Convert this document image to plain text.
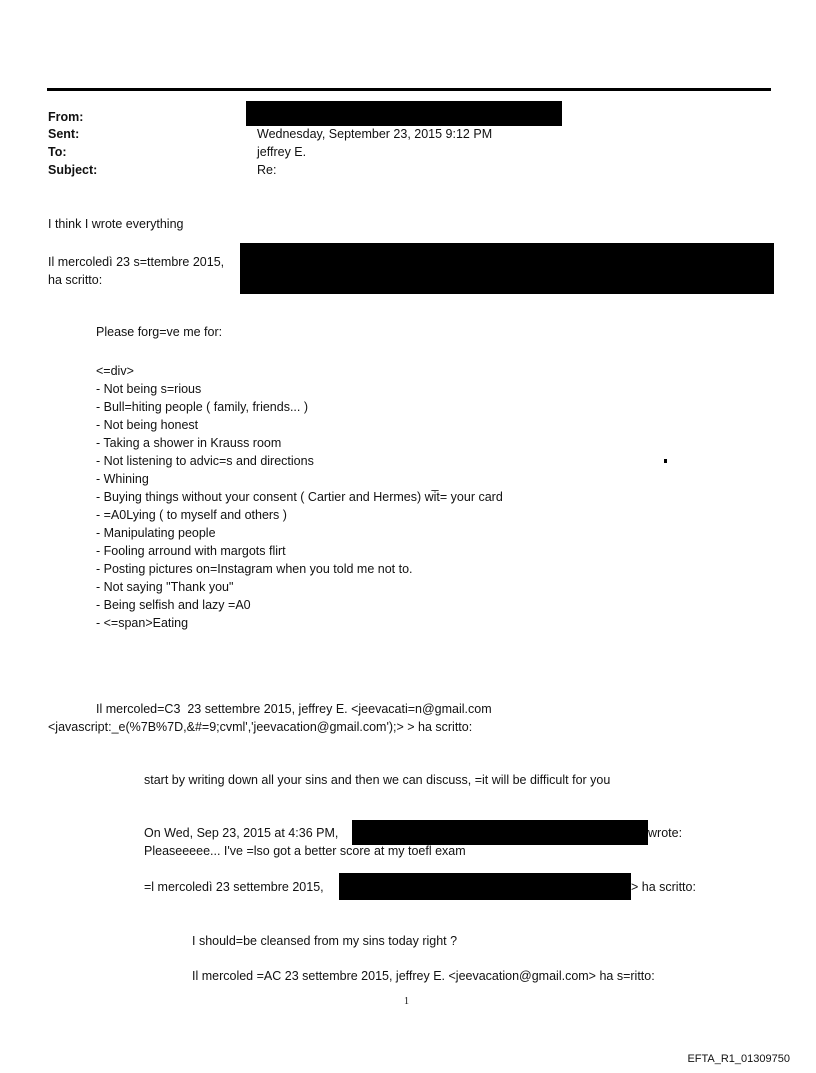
From:
Sent:	Wednesday, September 23, 2015 9:12 PM
To:	jeffrey E.
Subject:	Re:
I think I wrote everything
Il mercoledì 23 s=ttembre 2015,
ha scritto:
Please forg=ve me for:
<=div>
- Not being s=rious
- Bull=hiting people ( family, friends... )
- Not being honest
- Taking a shower in Krauss room
- Not listening to advic=s and directions
- Whining
- Buying things without your consent ( Cartier and Hermes) wi̅t= your card
- =A0Lying ( to myself and others )
- Manipulating people
- Fooling arround with margots flirt
- Posting pictures on=Instagram when you told me not to.
- Not saying "Thank you"
- Being selfish and lazy =A0
- <=span>Eating
Il mercoled=C3  23 settembre 2015, jeffrey E. <jeevacati=n@gmail.com
<javascript:_e(%7B%7D,&#=9;cvml','jeevacation@gmail.com');> > ha scritto:
start by writing down all your sins and then we can discuss, =it will be difficult for you
On Wed, Sep 23, 2015 at 4:36 PM,	wrote:
Pleaseeeee... I've =lso got a better score at my toefl exam
=l mercoledì 23 settembre 2015,	> ha scritto:
I should=be cleansed from my sins today right ?
Il mercoled =AC 23 settembre 2015, jeffrey E. <jeevacation@gmail.com> ha s=ritto:
1
EFTA_R1_01309750
